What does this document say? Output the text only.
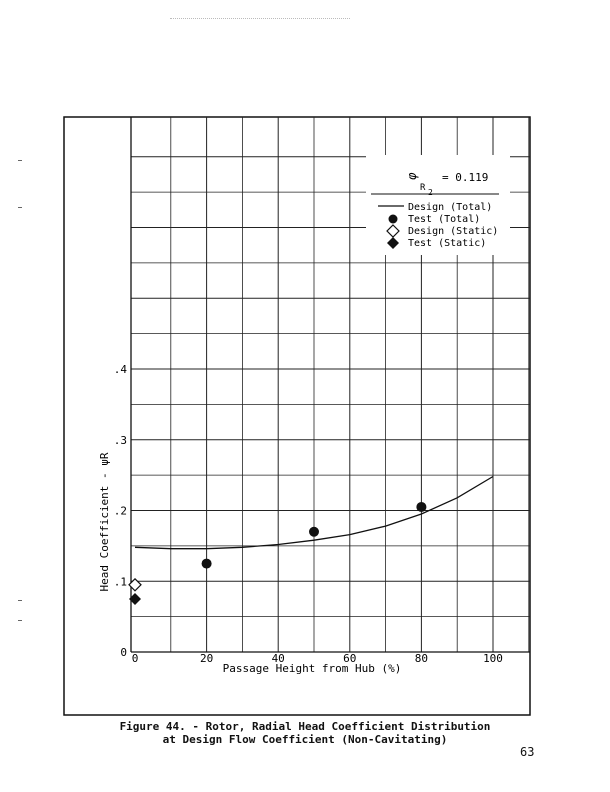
0	20	40	60	80	100
0
.1
.2
.3
.4
Passage Height from Hub (%)
Head Coefficient - ψR
φ
R 2
= 0.119
Design (Total)
Test (Total)
Design (Static)
Test (Static)
Figure 44. - Rotor, Radial Head Coefficient Distribution
at Design Flow Coefficient (Non-Cavitating)
63
